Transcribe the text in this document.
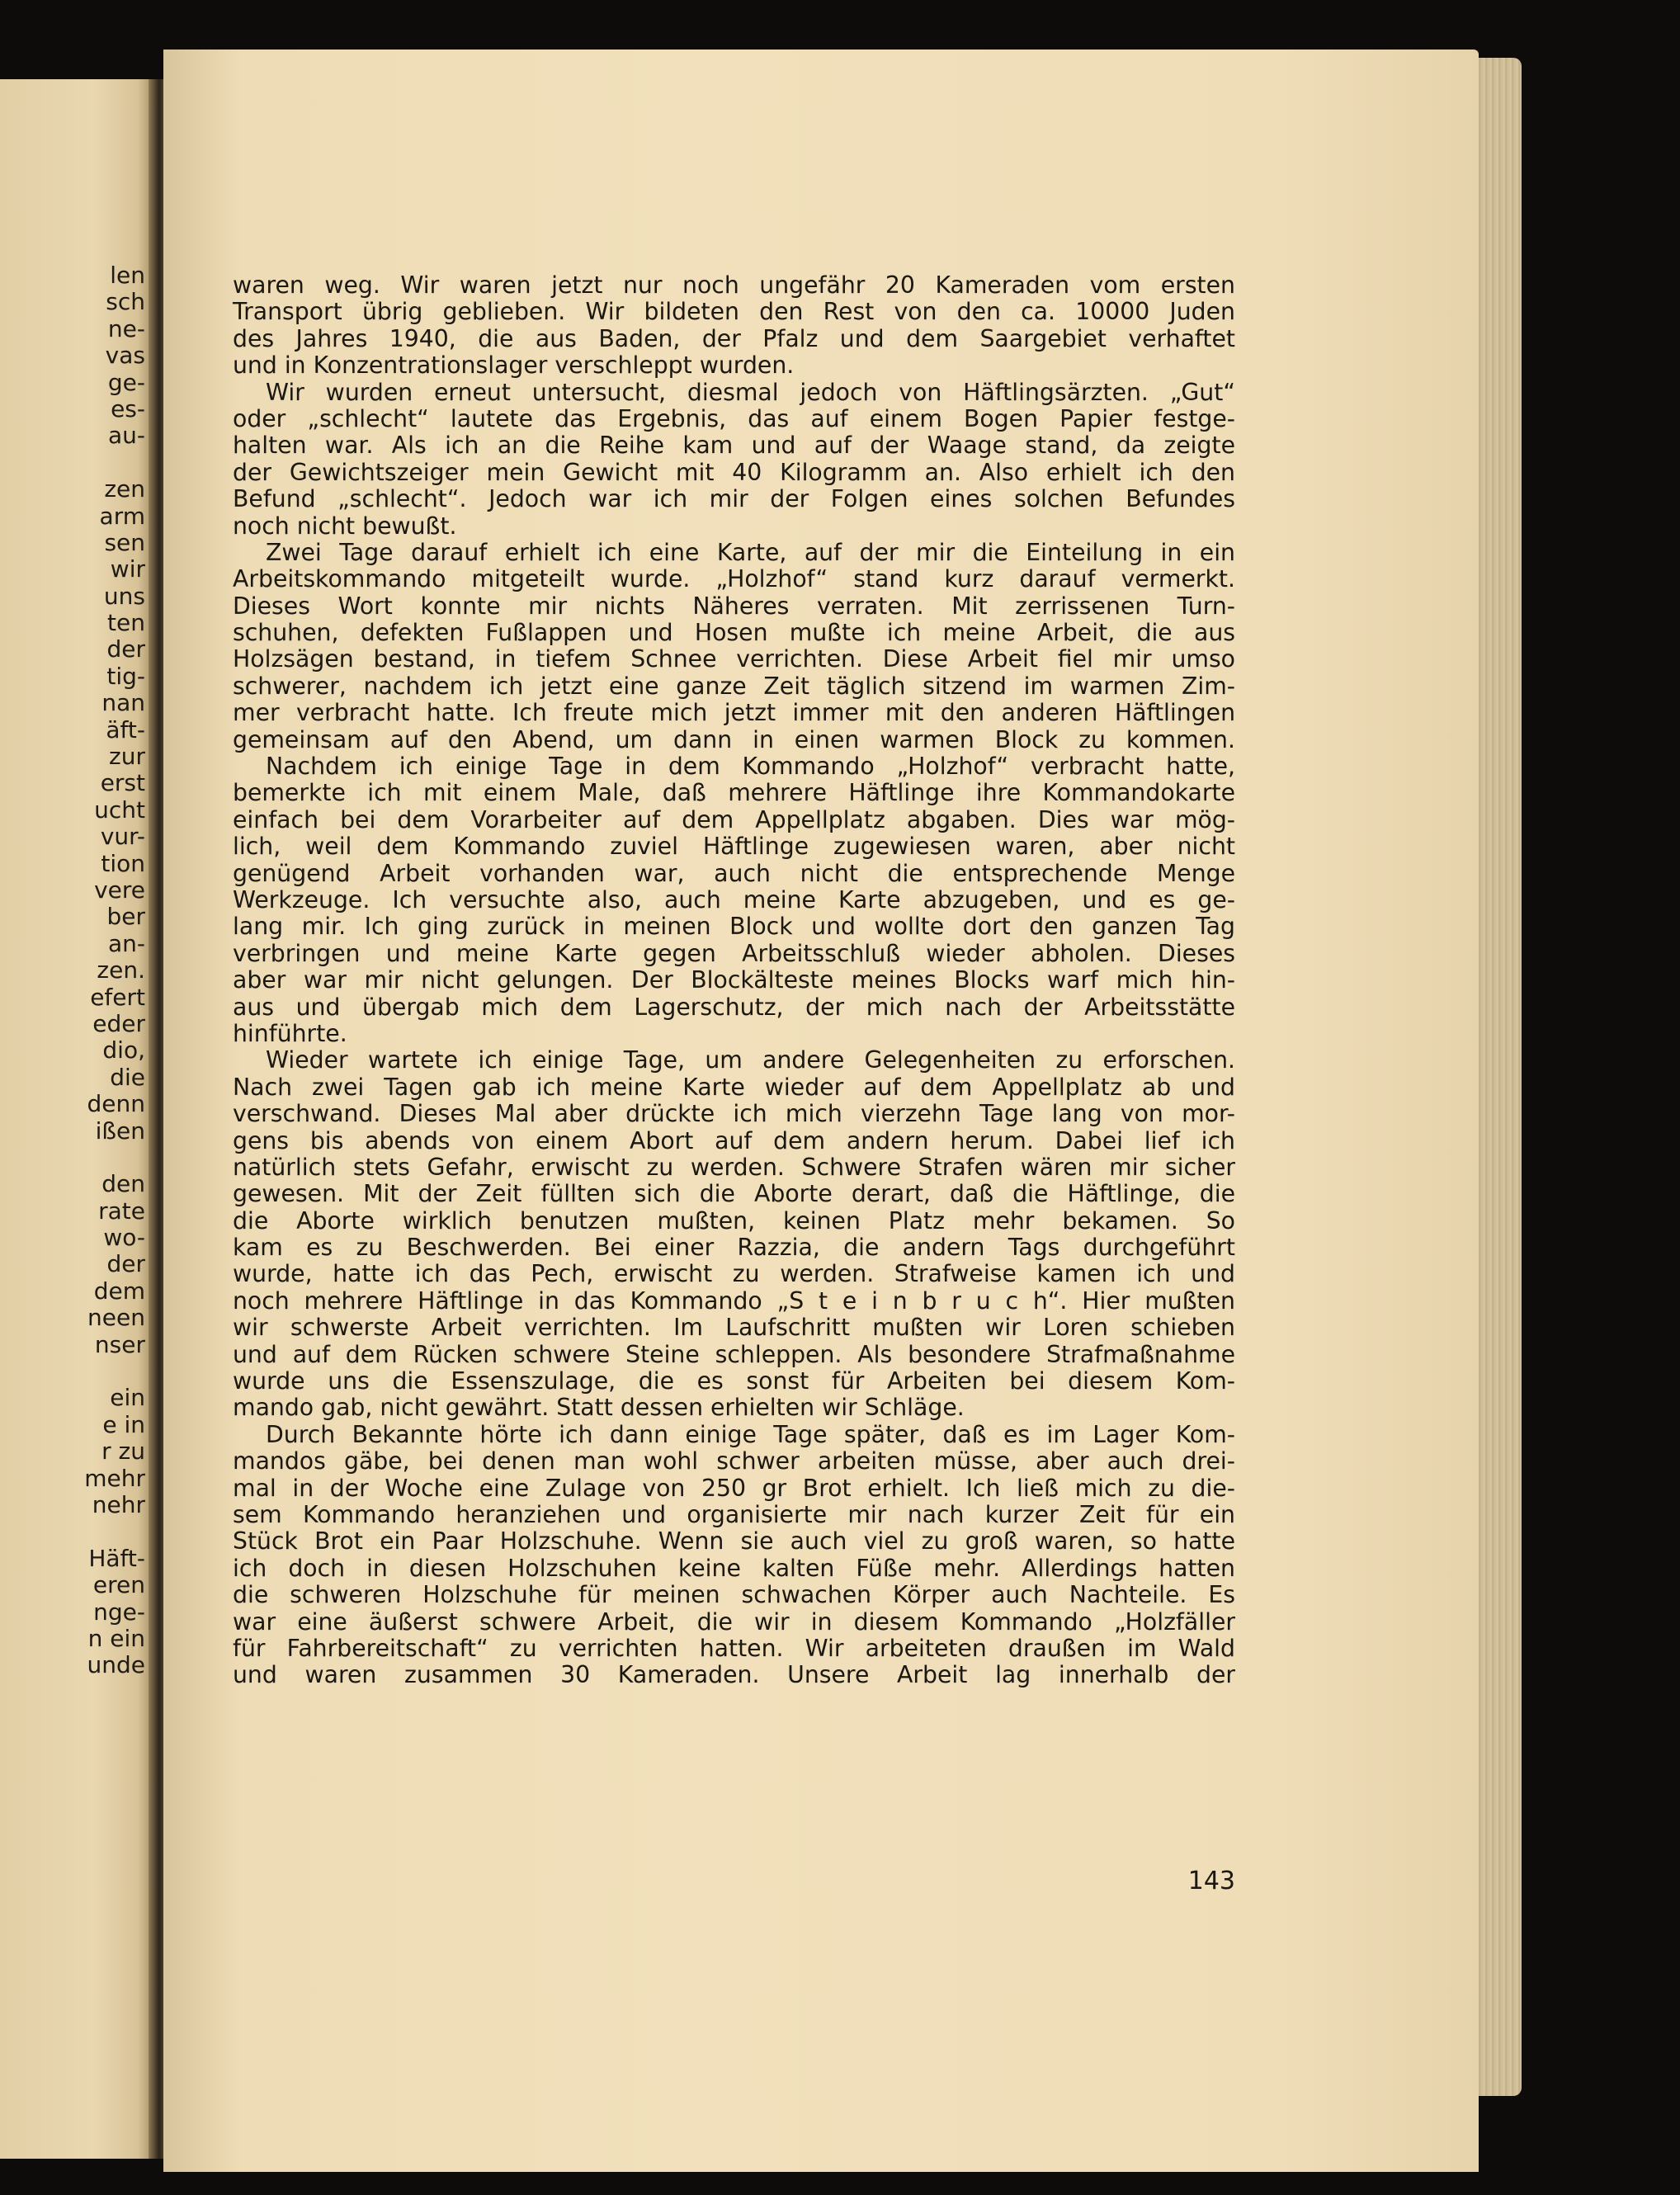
len
sch
ne-
vas
ge-
es-
au-
zen
arm
sen
wir
uns
ten
der
tig-
nan
äft-
zur
erst
ucht
vur-
tion
vere
ber
an-
zen.
efert
eder
dio,
die
denn
ißen
den
rate
wo-
der
dem
neen
nser
ein
e in
r zu
mehr
nehr
Häft-
eren
nge-
n ein
unde
waren weg. Wir waren jetzt nur noch ungefähr 20 Kameraden vom ersten
Transport übrig geblieben. Wir bildeten den Rest von den ca. 10000 Juden
des Jahres 1940, die aus Baden, der Pfalz und dem Saargebiet verhaftet
und in Konzentrationslager verschleppt wurden.
Wir wurden erneut untersucht, diesmal jedoch von Häftlingsärzten. „Gut“
oder „schlecht“ lautete das Ergebnis, das auf einem Bogen Papier festge-
halten war. Als ich an die Reihe kam und auf der Waage stand, da zeigte
der Gewichtszeiger mein Gewicht mit 40 Kilogramm an. Also erhielt ich den
Befund „schlecht“. Jedoch war ich mir der Folgen eines solchen Befundes
noch nicht bewußt.
Zwei Tage darauf erhielt ich eine Karte, auf der mir die Einteilung in ein
Arbeitskommando mitgeteilt wurde. „Holzhof“ stand kurz darauf vermerkt.
Dieses Wort konnte mir nichts Näheres verraten. Mit zerrissenen Turn-
schuhen, defekten Fußlappen und Hosen mußte ich meine Arbeit, die aus
Holzsägen bestand, in tiefem Schnee verrichten. Diese Arbeit fiel mir umso
schwerer, nachdem ich jetzt eine ganze Zeit täglich sitzend im warmen Zim-
mer verbracht hatte. Ich freute mich jetzt immer mit den anderen Häftlingen
gemeinsam auf den Abend, um dann in einen warmen Block zu kommen.
Nachdem ich einige Tage in dem Kommando „Holzhof“ verbracht hatte,
bemerkte ich mit einem Male, daß mehrere Häftlinge ihre Kommandokarte
einfach bei dem Vorarbeiter auf dem Appellplatz abgaben. Dies war mög-
lich, weil dem Kommando zuviel Häftlinge zugewiesen waren, aber nicht
genügend Arbeit vorhanden war, auch nicht die entsprechende Menge
Werkzeuge. Ich versuchte also, auch meine Karte abzugeben, und es ge-
lang mir. Ich ging zurück in meinen Block und wollte dort den ganzen Tag
verbringen und meine Karte gegen Arbeitsschluß wieder abholen. Dieses
aber war mir nicht gelungen. Der Blockälteste meines Blocks warf mich hin-
aus und übergab mich dem Lagerschutz, der mich nach der Arbeitsstätte
hinführte.
Wieder wartete ich einige Tage, um andere Gelegenheiten zu erforschen.
Nach zwei Tagen gab ich meine Karte wieder auf dem Appellplatz ab und
verschwand. Dieses Mal aber drückte ich mich vierzehn Tage lang von mor-
gens bis abends von einem Abort auf dem andern herum. Dabei lief ich
natürlich stets Gefahr, erwischt zu werden. Schwere Strafen wären mir sicher
gewesen. Mit der Zeit füllten sich die Aborte derart, daß die Häftlinge, die
die Aborte wirklich benutzen mußten, keinen Platz mehr bekamen. So
kam es zu Beschwerden. Bei einer Razzia, die andern Tags durchgeführt
wurde, hatte ich das Pech, erwischt zu werden. Strafweise kamen ich und
noch mehrere Häftlinge in das Kommando „S t e i n b r u c h“. Hier mußten
wir schwerste Arbeit verrichten. Im Laufschritt mußten wir Loren schieben
und auf dem Rücken schwere Steine schleppen. Als besondere Strafmaßnahme
wurde uns die Essenszulage, die es sonst für Arbeiten bei diesem Kom-
mando gab, nicht gewährt. Statt dessen erhielten wir Schläge.
Durch Bekannte hörte ich dann einige Tage später, daß es im Lager Kom-
mandos gäbe, bei denen man wohl schwer arbeiten müsse, aber auch drei-
mal in der Woche eine Zulage von 250 gr Brot erhielt. Ich ließ mich zu die-
sem Kommando heranziehen und organisierte mir nach kurzer Zeit für ein
Stück Brot ein Paar Holzschuhe. Wenn sie auch viel zu groß waren, so hatte
ich doch in diesen Holzschuhen keine kalten Füße mehr. Allerdings hatten
die schweren Holzschuhe für meinen schwachen Körper auch Nachteile. Es
war eine äußerst schwere Arbeit, die wir in diesem Kommando „Holzfäller
für Fahrbereitschaft“ zu verrichten hatten. Wir arbeiteten draußen im Wald
und waren zusammen 30 Kameraden. Unsere Arbeit lag innerhalb der
143
